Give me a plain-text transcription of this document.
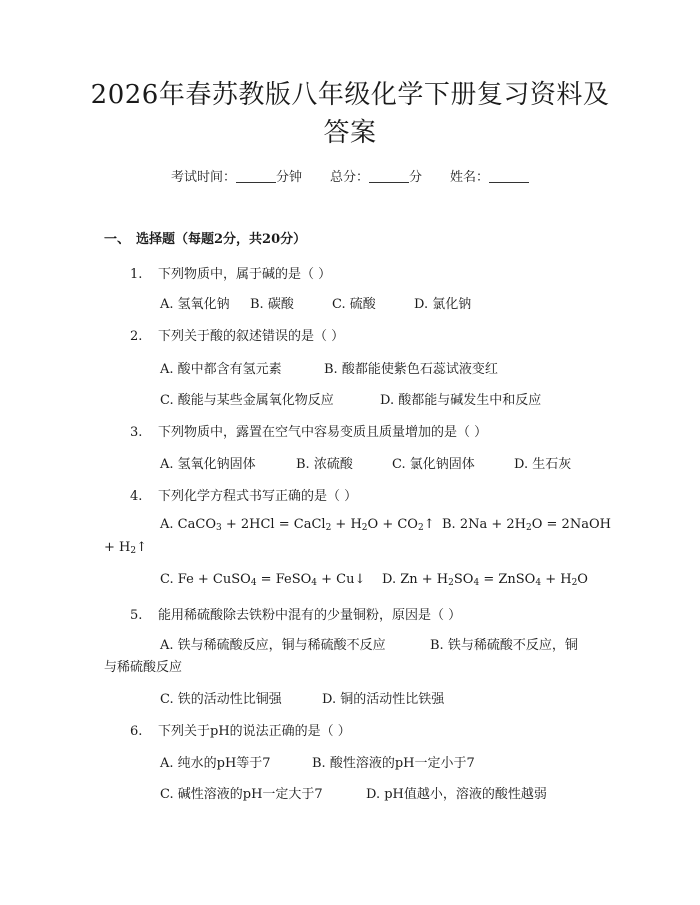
2026年春苏教版八年级化学下册复习资料及
答案
考试时间：	分钟 总分：	分 姓名：
一、 选择题（每题2分，共20分）
1. 下列物质中，属于碱的是（ ）
A. 氢氧化钠 B. 碳酸	C. 硫酸	D. 氯化钠
2. 下列关于酸的叙述错误的是（ ）
A. 酸中都含有氢元素	B. 酸都能使紫色石蕊试液变红
C. 酸能与某些金属氧化物反应	D. 酸都能与碱发生中和反应
3. 下列物质中，露置在空气中容易变质且质量增加的是（ ）
A. 氢氧化钠固体	B. 浓硫酸	C. 氯化钠固体	D. 生石灰
4. 下列化学方程式书写正确的是（ ）
A. CaCO$_3$ + 2HCl = CaCl$_2$ + $H_2O$ + $CO_2↑$ B. $2Na + 2H_2O$ = 2NaOH
+ $H_2↑$
C. Fe + CuSO$_4$ = FeSO$_4$ + Cu↓ D. $Zn + H_2SO_4$ = ZnSO$_4$ + $H_2O$
5. 能用稀硫酸除去铁粉中混有的少量铜粉，原因是（ ）
A. 铁与稀硫酸反应，铜与稀硫酸不反应	B. 铁与稀硫酸不反应，铜
与稀硫酸反应
C. 铁的活动性比铜强	D. 铜的活动性比铁强
6. 下列关于pH的说法正确的是（ ）
A. 纯水的pH等于7	B. 酸性溶液的pH一定小于7
C. 碱性溶液的pH一定大于7	D. pH值越小，溶液的酸性越弱
